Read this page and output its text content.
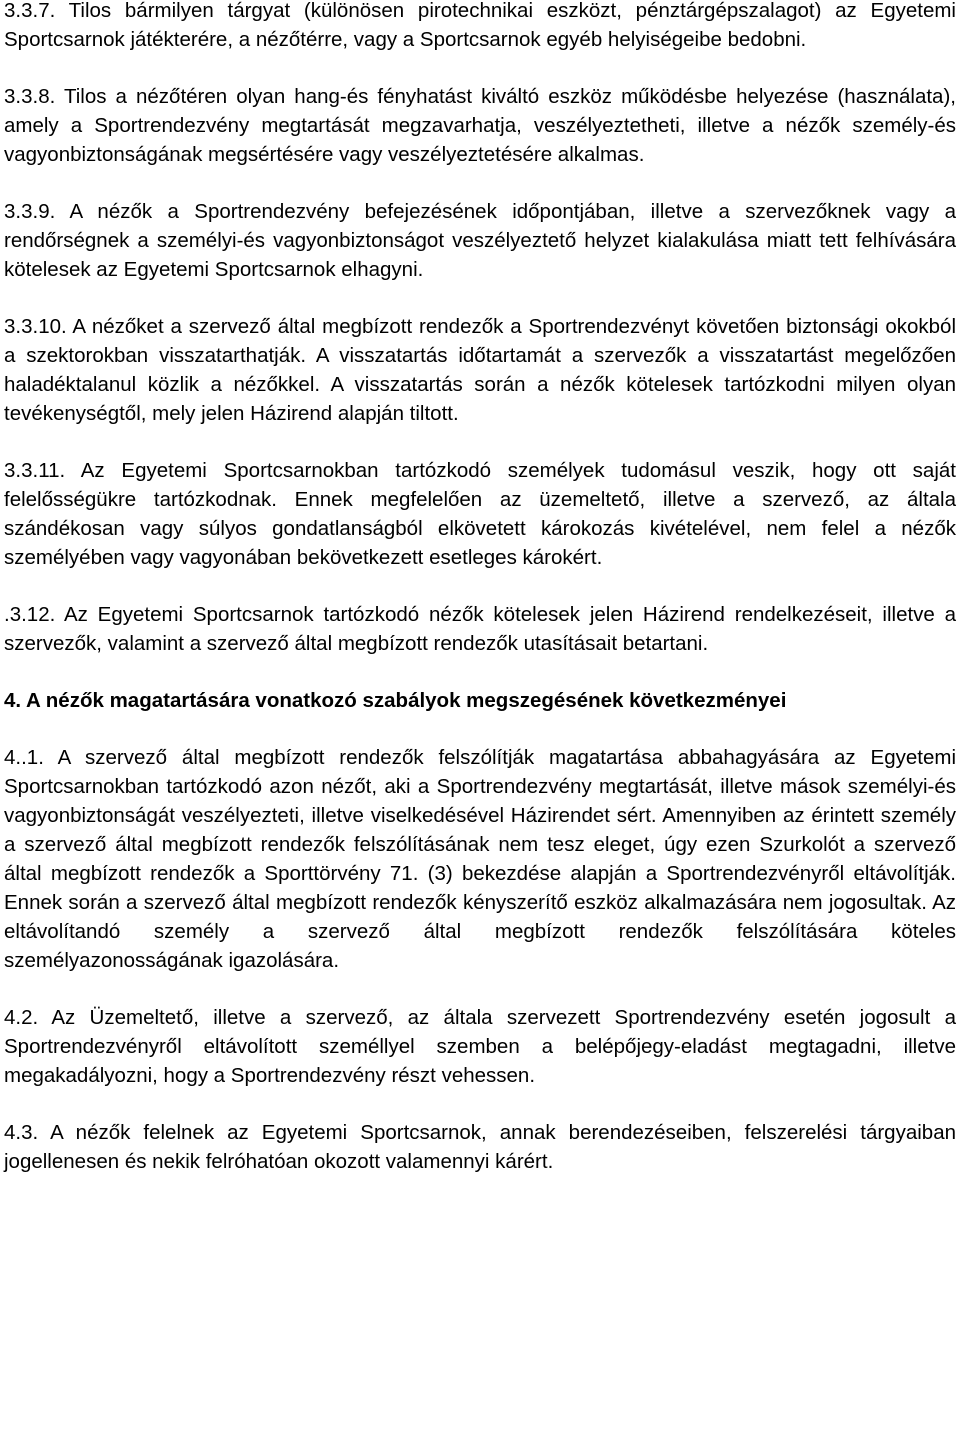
3.3.7. Tilos bármilyen tárgyat (különösen pirotechnikai eszközt, pénztárgépszalagot) az Egyetemi Sportcsarnok játékterére, a nézőtérre, vagy a Sportcsarnok egyéb helyiségeibe bedobni.

3.3.8. Tilos a nézőtéren olyan hang-és fényhatást kiváltó eszköz működésbe helyezése (használata), amely a Sportrendezvény megtartását megzavarhatja, veszélyeztetheti, illetve a nézők személy-és vagyonbiztonságának megsértésére vagy veszélyeztetésére alkalmas.

3.3.9. A nézők a Sportrendezvény befejezésének időpontjában, illetve a szervezőknek vagy a rendőrségnek a személyi-és vagyonbiztonságot veszélyeztető helyzet kialakulása miatt tett felhívására kötelesek az Egyetemi Sportcsarnok elhagyni.

3.3.10. A nézőket a szervező által megbízott rendezők a Sportrendezvényt követően biztonsági okokból a szektorokban visszatarthatják. A visszatartás időtartamát a szervezők a visszatartást megelőzően haladéktalanul közlik a nézőkkel. A visszatartás során a nézők kötelesek tartózkodni milyen olyan tevékenységtől, mely jelen Házirend alapján tiltott.

3.3.11. Az Egyetemi Sportcsarnokban tartózkodó személyek tudomásul veszik, hogy ott saját felelősségükre tartózkodnak. Ennek megfelelően az üzemeltető, illetve a szervező, az általa szándékosan vagy súlyos gondatlanságból elkövetett károkozás kivételével, nem felel a nézők személyében vagy vagyonában bekövetkezett esetleges károkért.

.3.12. Az Egyetemi Sportcsarnok tartózkodó nézők kötelesek jelen Házirend rendelkezéseit, illetve a szervezők, valamint a szervező által megbízott rendezők utasításait betartani.

4. A nézők magatartására vonatkozó szabályok megszegésének következményei

4..1. A szervező által megbízott rendezők felszólítják magatartása abbahagyására az Egyetemi Sportcsarnokban tartózkodó azon nézőt, aki a Sportrendezvény megtartását, illetve mások személyi-és vagyonbiztonságát veszélyezteti, illetve viselkedésével Házirendet sért. Amennyiben az érintett személy a szervező által megbízott rendezők felszólításának nem tesz eleget, úgy ezen Szurkolót a szervező által megbízott rendezők a Sporttörvény 71. (3) bekezdése alapján a Sportrendezvényről eltávolítják. Ennek során a szervező által megbízott rendezők kényszerítő eszköz alkalmazására nem jogosultak. Az eltávolítandó személy a szervező által megbízott rendezők felszólítására köteles személyazonosságának igazolására.

4.2. Az Üzemeltető, illetve a szervező, az általa szervezett Sportrendezvény esetén jogosult a Sportrendezvényről eltávolított személlyel szemben a belépőjegy-eladást megtagadni, illetve megakadályozni, hogy a Sportrendezvény részt vehessen.

4.3. A nézők felelnek az Egyetemi Sportcsarnok, annak berendezéseiben, felszerelési tárgyaiban jogellenesen és nekik felróhatóan okozott valamennyi kárért.
